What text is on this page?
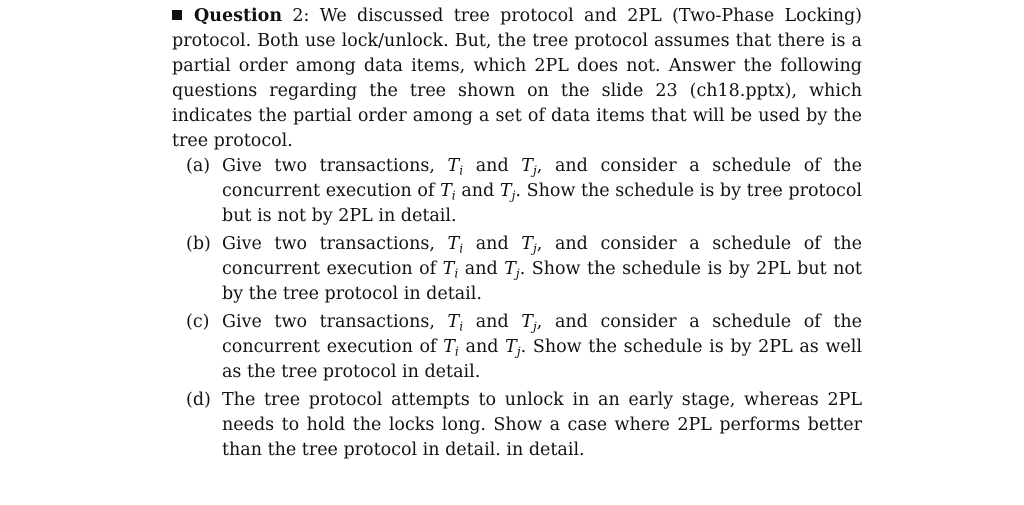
Question 2: We discussed tree protocol and 2PL (Two-Phase Locking) protocol. Both use lock/unlock. But, the tree protocol assumes that there is a partial order among data items, which 2PL does not. Answer the following questions regarding the tree shown on the slide 23 (ch18.pptx), which indicates the partial order among a set of data items that will be used by the tree protocol.
(a) Give two transactions, $T_i$ and $T_j$, and consider a schedule of the concurrent execution of $T_i$ and $T_j$. Show the schedule is by tree protocol but is not by 2PL in detail.
(b) Give two transactions, $T_i$ and $T_j$, and consider a schedule of the concurrent execution of $T_i$ and $T_j$. Show the schedule is by 2PL but not by the tree protocol in detail.
(c) Give two transactions, $T_i$ and $T_j$, and consider a schedule of the concurrent execution of $T_i$ and $T_j$. Show the schedule is by 2PL as well as the tree protocol in detail.
(d) The tree protocol attempts to unlock in an early stage, whereas 2PL needs to hold the locks long. Show a case where 2PL performs better than the tree protocol in detail. in detail.
